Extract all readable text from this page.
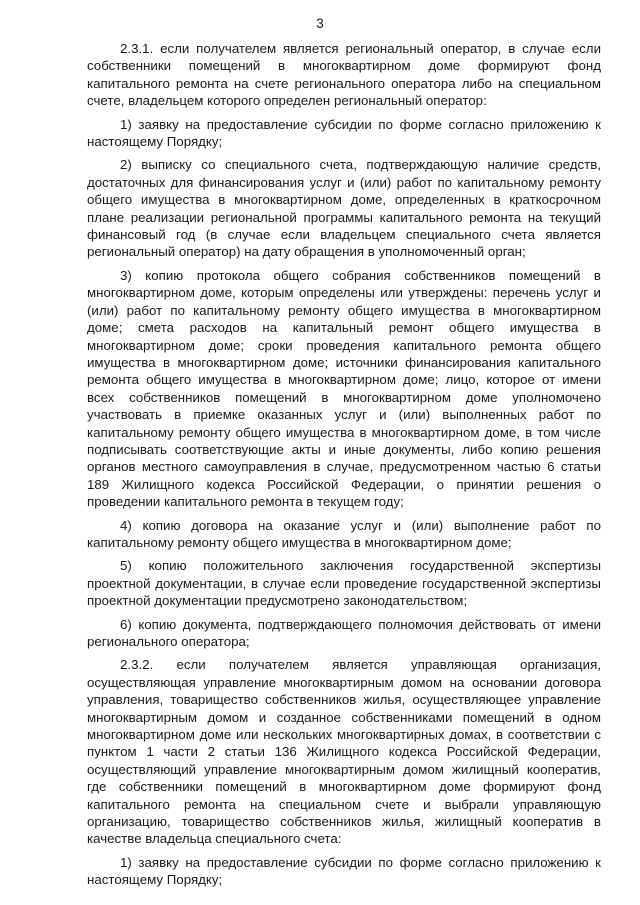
3

2.3.1. если получателем является региональный оператор, в случае если собственники помещений в многоквартирном доме формируют фонд капитального ремонта на счете регионального оператора либо на специальном счете, владельцем которого определен региональный оператор:

1) заявку на предоставление субсидии по форме согласно приложению к настоящему Порядку;

2) выписку со специального счета, подтверждающую наличие средств, достаточных для финансирования услуг и (или) работ по капитальному ремонту общего имущества в многоквартирном доме, определенных в краткосрочном плане реализации региональной программы капитального ремонта на текущий финансовый год (в случае если владельцем специального счета является региональный оператор) на дату обращения в уполномоченный орган;

3) копию протокола общего собрания собственников помещений в многоквартирном доме, которым определены или утверждены: перечень услуг и (или) работ по капитальному ремонту общего имущества в многоквартирном доме; смета расходов на капитальный ремонт общего имущества в многоквартирном доме; сроки проведения капитального ремонта общего имущества в многоквартирном доме; источники финансирования капитального ремонта общего имущества в многоквартирном доме; лицо, которое от имени всех собственников помещений в многоквартирном доме уполномочено участвовать в приемке оказанных услуг и (или) выполненных работ по капитальному ремонту общего имущества в многоквартирном доме, в том числе подписывать соответствующие акты и иные документы, либо копию решения органов местного самоуправления в случае, предусмотренном частью 6 статьи 189 Жилищного кодекса Российской Федерации, о принятии решения о проведении капитального ремонта в текущем году;

4) копию договора на оказание услуг и (или) выполнение работ по капитальному ремонту общего имущества в многоквартирном доме;

5) копию положительного заключения государственной экспертизы проектной документации, в случае если проведение государственной экспертизы проектной документации предусмотрено законодательством;

6) копию документа, подтверждающего полномочия действовать от имени регионального оператора;

2.3.2. если получателем является управляющая организация, осуществляющая управление многоквартирным домом на основании договора управления, товарищество собственников жилья, осуществляющее управление многоквартирным домом и созданное собственниками помещений в одном многоквартирном доме или нескольких многоквартирных домах, в соответствии с пунктом 1 части 2 статьи 136 Жилищного кодекса Российской Федерации, осуществляющий управление многоквартирным домом жилищный кооператив, где собственники помещений в многоквартирном доме формируют фонд капитального ремонта на специальном счете и выбрали управляющую организацию, товарищество собственников жилья, жилищный кооператив в качестве владельца специального счета:

1) заявку на предоставление субсидии по форме согласно приложению к настоящему Порядку;
